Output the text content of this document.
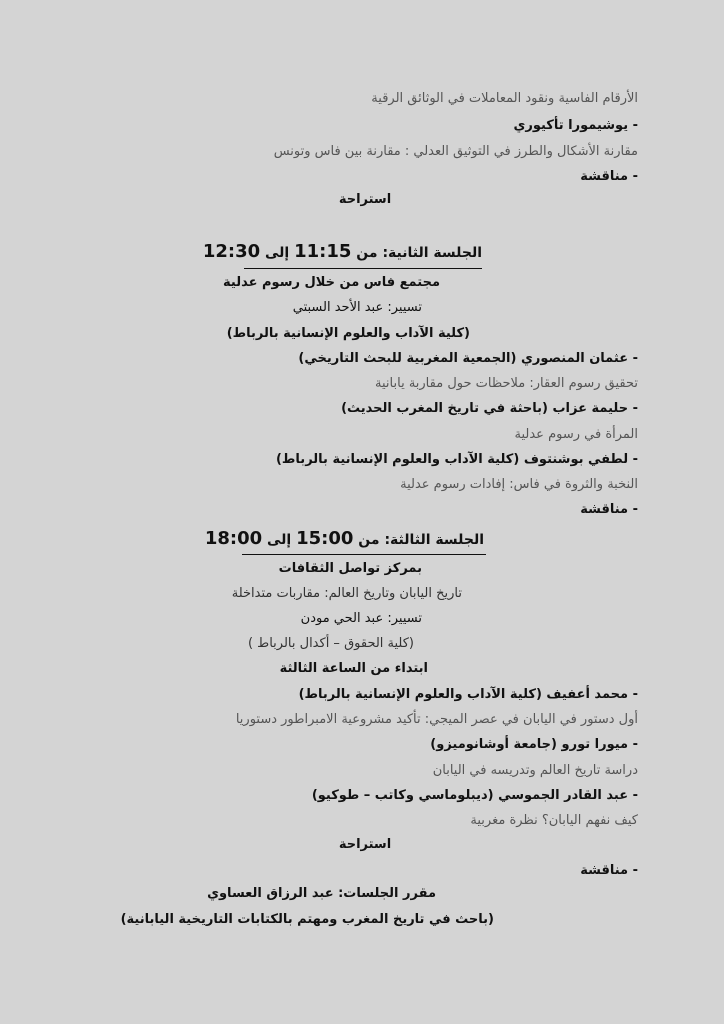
الأرقام الفاسية ونقود المعاملات في الوثائق الرقية
- يوشيمورا تأكيوري
مقارنة الأشكال والطرز في التوثيق العدلي : مقارنة بين فاس وتونس
- مناقشة
استراحة
الجلسة الثانية: من 11:15 إلى 12:30
مجتمع فاس من خلال رسوم عدلية
تسيير: عبد الأحد السبتي
(كلية الآداب والعلوم الإنسانية بالرباط)
- عثمان المنصوري (الجمعية المغربية للبحث التاريخي)
تحقيق رسوم العقار: ملاحظات حول مقاربة يابانية
- حليمة عزاب (باحثة في تاريخ المغرب الحديث)
المرأة في رسوم عدلية
- لطفي بوشنتوف (كلية الآداب والعلوم الإنسانية بالرباط)
النخبة والثروة في فاس: إفادات رسوم عدلية
- مناقشة
الجلسة الثالثة: من 15:00 إلى 18:00
بمركز تواصل الثقافات
تاريخ اليابان وتاريخ العالم: مقاربات متداخلة
تسيير: عبد الحي مودن
(كلية الحقوق – أكدال بالرباط )
ابتداء من الساعة الثالثة
- محمد أعفيف (كلية الآداب والعلوم الإنسانية بالرباط)
أول دستور في اليابان في عصر الميجي: تأكيد مشروعية الامبراطور دستوريا
- ميورا تورو (جامعة أوشانوميزو)
دراسة تاريخ العالم وتدريسه في اليابان
- عبد القادر الجموسي (ديبلوماسي وكاتب – طوكيو)
كيف نفهم اليابان؟ نظرة مغربية
استراحة
- مناقشة
مقرر الجلسات: عبد الرزاق العساوي
(باحث في تاريخ المغرب ومهتم بالكتابات التاريخية اليابانية)
